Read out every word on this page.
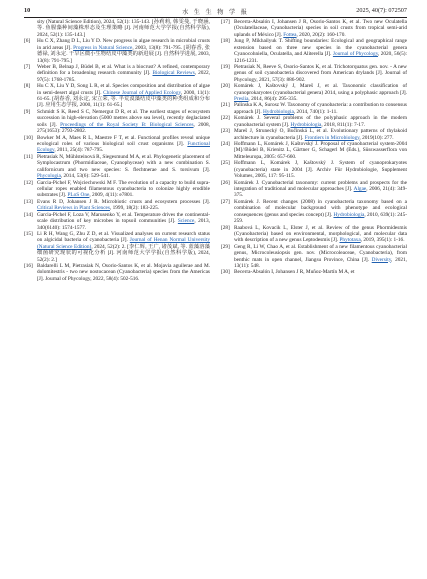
10	水 生 生 物 学 报	2025, 40(7): 072507
sity (Natural Science Edition), 2024, 52(1): 135-143. [孙莉莉, 韩雯曼, 于晓涵, 等. 鱼腥藻种间藻株形态及生理策略 [J]. 河南师范大学学报(自然科学版), 2024, 52(1): 135-143.]
[6] Hu C X, Zhang D L, Liu Y D. New progress in algae research in microbial crusts in arid areas [J]. Progress in Natural Science, 2003, 13(8): 791-795. [胡春香, 张德禄, 刘永定. 干旱区微小生物结皮中藻类的新进展 [J]. 自然科学进展, 2003, 13(8): 791-795.]
[7] Weber B, Belnap J, Büdel B, et al. What is a biocrust? A refined, contemporary definition for a broadening research community [J]. Biological Reviews, 2022, 97(5): 1768-1785.
[8] Hu C X, Liu Y D, Song L R, et al. Species composition and distribution of algae in semi-desert algal crusts [J]. Chinese Journal of Applied Ecology, 2000, 11(1): 61-65. [胡春香, 刘永定, 宋立荣, 等. 半荒漠藻结皮中藻类的种类组成和分布 [J]. 应用生态学报, 2000, 11(1): 61-65.]
[9] Schmidt S K, Reed S C, Nemergut D R, et al. The earliest stages of ecosystem succession in high-elevation (5000 metres above sea level), recently deglaciated soils [J]. Proceedings of the Royal Society B: Biological Sciences, 2008, 275(1653): 2793-2802.
[10] Bowker M A, Maes R L, Maestre F T, et al. Functional profiles reveal unique ecological roles of various biological soil crust organisms [J]. Functional Ecology, 2011, 25(4): 787-795.
[11] Pietrasiak N, Mühlsteinová R, Siegesmund M A, et al. Phylogenetic placement of Symplocastrum (Phormidiaceae, Cyanophyceae) with a new combination S. californicum and two new species: S. flechtnerae and S. torsivum [J]. Phycologia, 2014, 53(6): 529-541.
[12] Garcia-Pichel F, Wojciechowski M F. The evolution of a capacity to build supra-cellular ropes enabled filamentous cyanobacteria to colonize highly erodible substrates [J]. PLoS One, 2009, 4(11): e7801.
[13] Evans R D, Johansen J R. Microbiotic crusts and ecosystem processes [J]. Critical Reviews in Plant Sciences, 1999, 18(2): 183-225.
[14] Garcia-Pichel F, Loza V, Marusenko Y, et al. Temperature drives the continental-scale distribution of key microbes in topsoil communities [J]. Science, 2013, 340(6140): 1574-1577.
[15] Li R H, Wang G, Zhu Z D, et al. Visualized analyses on current research status on algicidal bacteria of cyanobacteria [J]. Journal of Henan Normal University (Natural Science Edition), 2024, 52(2): 2. [李仁辉, 王广, 诸茂斌, 等. 蓝藻溶藻细菌研究现状的可视化分析 [J]. 河南师范大学学报(自然科学版), 2024, 52(2): 2.]
[16] Baldarelli L M, Pietrasiak N, Osorio-Santos K, et al. Mojavia aguilerae and M. dolomitestris - two new nostocacean (Cyanobacteria) species from the Americas [J]. Journal of Phycology, 2022, 58(4): 502-516.
[17] Becerra-Absalón I, Johansen J R, Osorio-Santos K, et al. Two new Oculatella (Oculatellaceae, Cyanobacteria) species in soil crusts from tropical semi-arid uplands of México [J]. Fottea, 2020, 20(2): 160-170.
[18] Jung P, Mikhailyuk T. Shifting boundaries: Ecological and geographical range extension based on three new species in the cyanobacterial genera Cyanocohniella, Oculatella, and Aliterella [J]. Journal of Phycology, 2020, 56(5): 1216-1231.
[19] Pietrasiak N, Reeve S, Osorio-Santos K, et al. Trichotorquatus gen. nov. - A new genus of soil cyanobacteria discovered from American drylands [J]. Journal of Phycology, 2021, 57(3): 886-902.
[20] Komárek J, Kaštovský J, Mareš J, et al. Taxonomic classification of cyanoprokaryotes (cyanobacterial genera) 2014, using a polyphasic approach [J]. Preslia, 2014, 86(4): 295-335.
[21] Palinska K A, Surosz W. Taxonomy of cyanobacteria: a contribution to consensus approach [J]. Hydrobiologia, 2014, 740(1): 1-11.
[22] Komárek J. Several problems of the polyphasic approach in the modern cyanobacterial system [J]. Hydrobiologia, 2018, 811(1): 7-17.
[23] Mareš J, Strunecký O, Bučinská L, et al. Evolutionary patterns of thylakoid architecture in cyanobacteria [J]. Frontiers in Microbiology, 2019(10): 277.
[24] Hoffmann L, Komárek J, Kaštovský J. Proposal of cyanobacterial system-2004 [M]//Büdel B, Krienitz L, Gärtner G, Schagerl M (Eds.), Süsswasserflora von Mitteleuropa, 2005: 657-660.
[25] Hoffmann L, Komárek J, Kaštovský J. System of cyanoprokaryotes (cyanobacteria) state in 2004 [J]. Archiv Für Hydrobiologie, Supplement Volumes, 2005, 117: 95-115.
[26] Komárek J. Cyanobacterial taxonomy: current problems and prospects for the integration of traditional and molecular approaches [J]. Algae, 2006, 21(4): 349-375.
[27] Komárek J. Recent changes (2008) in cyanobacteria taxonomy based on a combination of molecular background with phenotype and ecological consequences (genus and species concept) [J]. Hydrobiologia, 2010, 639(1): 245-259.
[28] Raabová L, Kovacik L, Elster J, et al. Review of the genus Phormidesmis (Cyanobacteria) based on environmental, morphological, and molecular data with description of a new genus Leptodesmis [J]. Phytotaxa, 2019, 395(1): 1-16.
[29] Geng R, Li W, Chao A, et al. Establishment of a new filamentous cyanobacterial genus, Microcoleusiopsis gen. nov. (Microcoleaceae, Cyanobacteria), from benthic mats in open channel, Jiangsu Province, China [J]. Diversity, 2021, 13(11): 548.
[30] Becerra-Absalón I, Johansen J R, Muñoz-Martín M A, et
